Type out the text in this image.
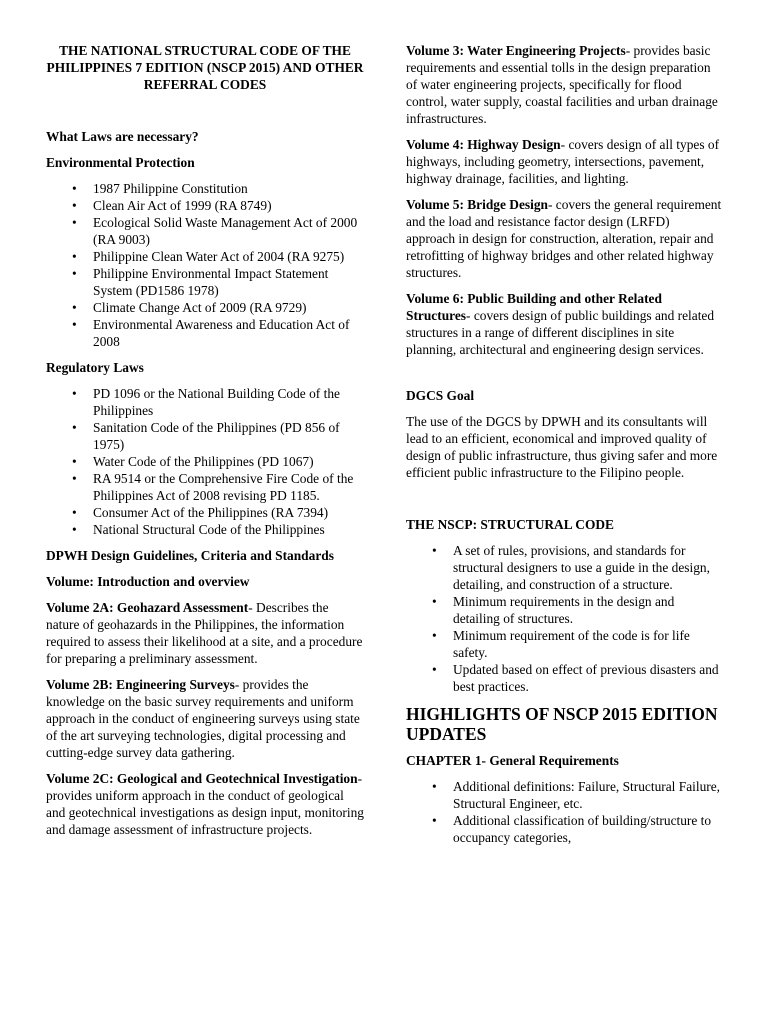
THE NATIONAL STRUCTURAL CODE OF THE PHILIPPINES 7 EDITION (NSCP 2015) AND OTHER REFERRAL CODES
What Laws are necessary?
Environmental Protection
• 1987 Philippine Constitution
• Clean Air Act of 1999 (RA 8749)
• Ecological Solid Waste Management Act of 2000 (RA 9003)
• Philippine Clean Water Act of 2004 (RA 9275)
• Philippine Environmental Impact Statement System (PD1586 1978)
• Climate Change Act of 2009 (RA 9729)
• Environmental Awareness and Education Act of 2008
Regulatory Laws
• PD 1096 or the National Building Code of the Philippines
• Sanitation Code of the Philippines (PD 856 of 1975)
• Water Code of the Philippines (PD 1067)
• RA 9514 or the Comprehensive Fire Code of the Philippines Act of 2008 revising PD 1185.
• Consumer Act of the Philippines (RA 7394)
• National Structural Code of the Philippines
DPWH Design Guidelines, Criteria and Standards
Volume: Introduction and overview

Volume 2A: Geohazard Assessment- Describes the nature of geohazards in the Philippines, the information required to assess their likelihood at a site, and a procedure for preparing a preliminary assessment.

Volume 2B: Engineering Surveys- provides the knowledge on the basic survey requirements and uniform approach in the conduct of engineering surveys using state of the art surveying technologies, digital processing and cutting-edge survey data gathering.

Volume 2C: Geological and Geotechnical Investigation- provides uniform approach in the conduct of geological and geotechnical investigations as design input, monitoring and damage assessment of infrastructure projects.

Volume 3: Water Engineering Projects- provides basic requirements and essential tolls in the design preparation of water engineering projects, specifically for flood control, water supply, coastal facilities and urban drainage infrastructures.

Volume 4: Highway Design- covers design of all types of highways, including geometry, intersections, pavement, highway drainage, facilities, and lighting.

Volume 5: Bridge Design- covers the general requirement and the load and resistance factor design (LRFD) approach in design for construction, alteration, repair and retrofitting of highway bridges and other related highway structures.

Volume 6: Public Building and other Related Structures- covers design of public buildings and related structures in a range of different disciplines in site planning, architectural and engineering design services.

DGCS Goal

The use of the DGCS by DPWH and its consultants will lead to an efficient, economical and improved quality of design of public infrastructure, thus giving safer and more efficient public infrastructure to the Filipino people.

THE NSCP: STRUCTURAL CODE
• A set of rules, provisions, and standards for structural designers to use a guide in the design, detailing, and construction of a structure.
• Minimum requirements in the design and detailing of structures.
• Minimum requirement of the code is for life safety.
• Updated based on effect of previous disasters and best practices.
HIGHLIGHTS OF NSCP 2015 EDITION UPDATES
CHAPTER 1- General Requirements
• Additional definitions: Failure, Structural Failure, Structural Engineer, etc.
• Additional classification of building/structure to occupancy categories,
